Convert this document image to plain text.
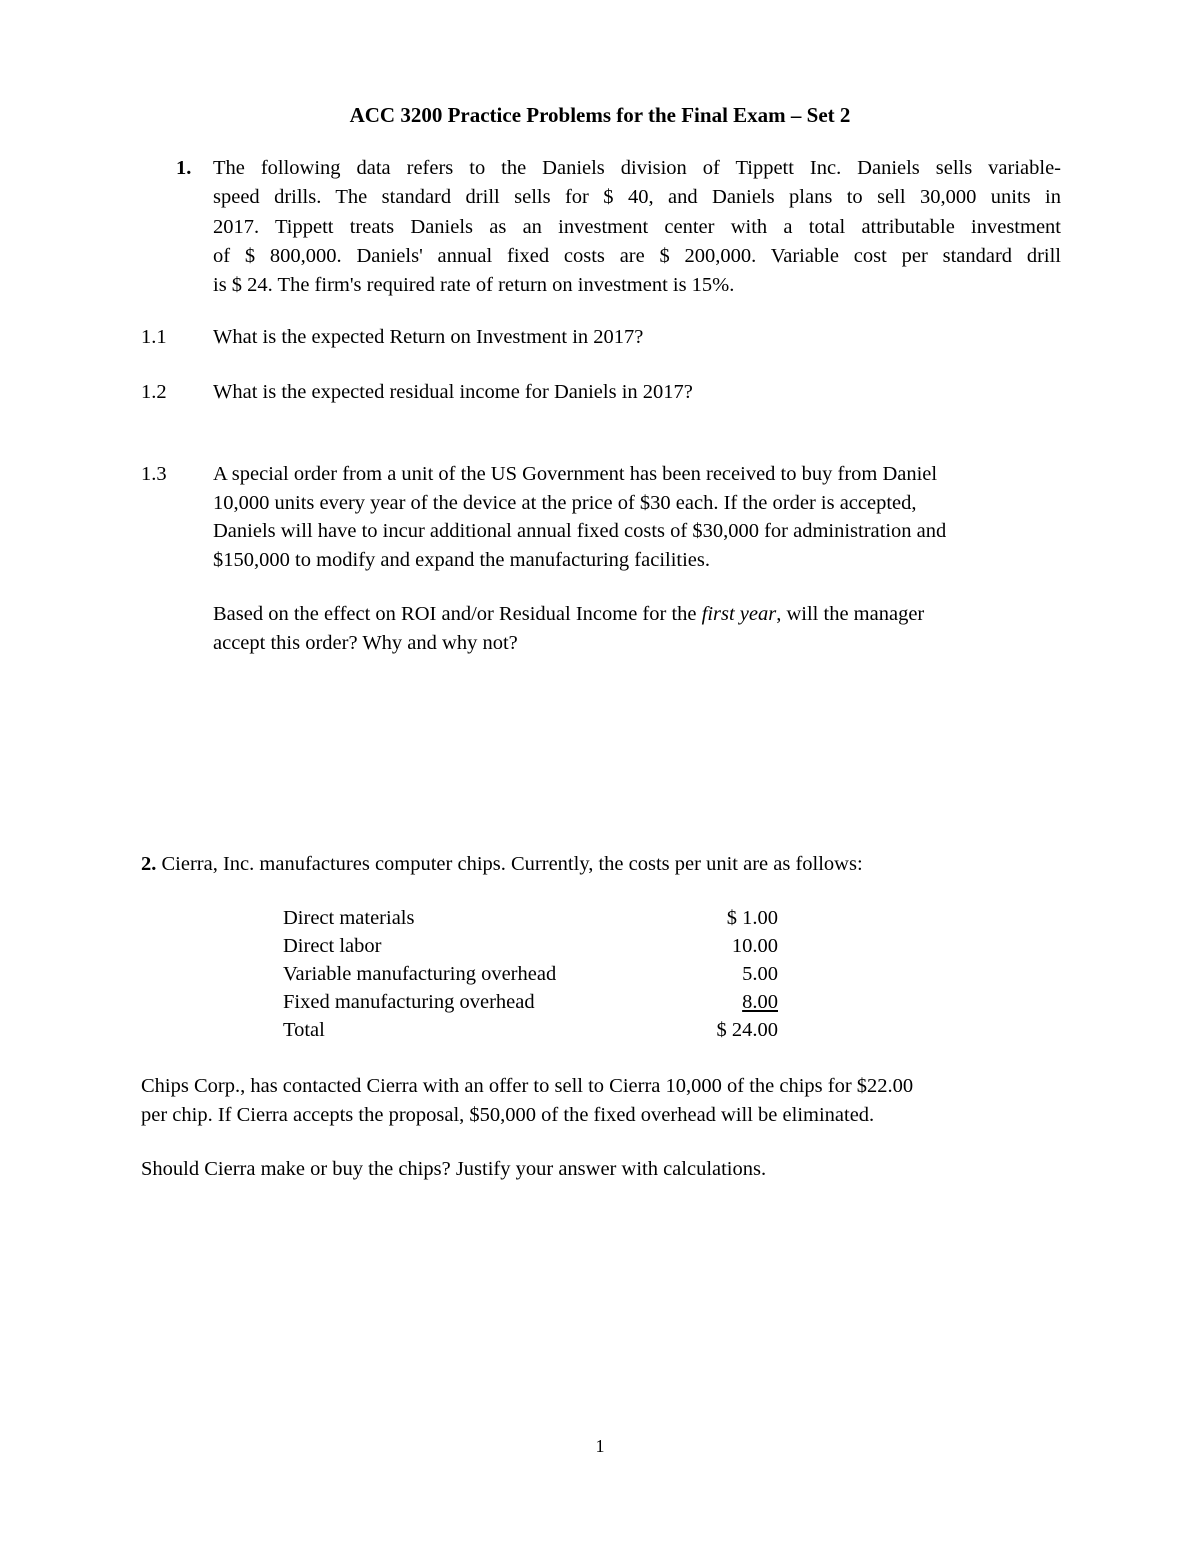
ACC 3200 Practice Problems for the Final Exam – Set 2
1. The following data refers to the Daniels division of Tippett Inc. Daniels sells variable-
speed drills. The standard drill sells for $ 40, and Daniels plans to sell 30,000 units in
2017. Tippett treats Daniels as an investment center with a total attributable investment
of $ 800,000. Daniels' annual fixed costs are $ 200,000. Variable cost per standard drill
is $ 24. The firm's required rate of return on investment is 15%.
1.1 What is the expected Return on Investment in 2017?
1.2 What is the expected residual income for Daniels in 2017?
1.3 A special order from a unit of the US Government has been received to buy from Daniel
10,000 units every year of the device at the price of $30 each. If the order is accepted,
Daniels will have to incur additional annual fixed costs of $30,000 for administration and
$150,000 to modify and expand the manufacturing facilities.
Based on the effect on ROI and/or Residual Income for the first year, will the manager
accept this order? Why and why not?
2. Cierra, Inc. manufactures computer chips. Currently, the costs per unit are as follows:
Direct materials	$ 1.00
Direct labor	10.00
Variable manufacturing overhead	5.00
Fixed manufacturing overhead	8.00
Total	$ 24.00
Chips Corp., has contacted Cierra with an offer to sell to Cierra 10,000 of the chips for $22.00
per chip. If Cierra accepts the proposal, $50,000 of the fixed overhead will be eliminated.
Should Cierra make or buy the chips? Justify your answer with calculations.
1
